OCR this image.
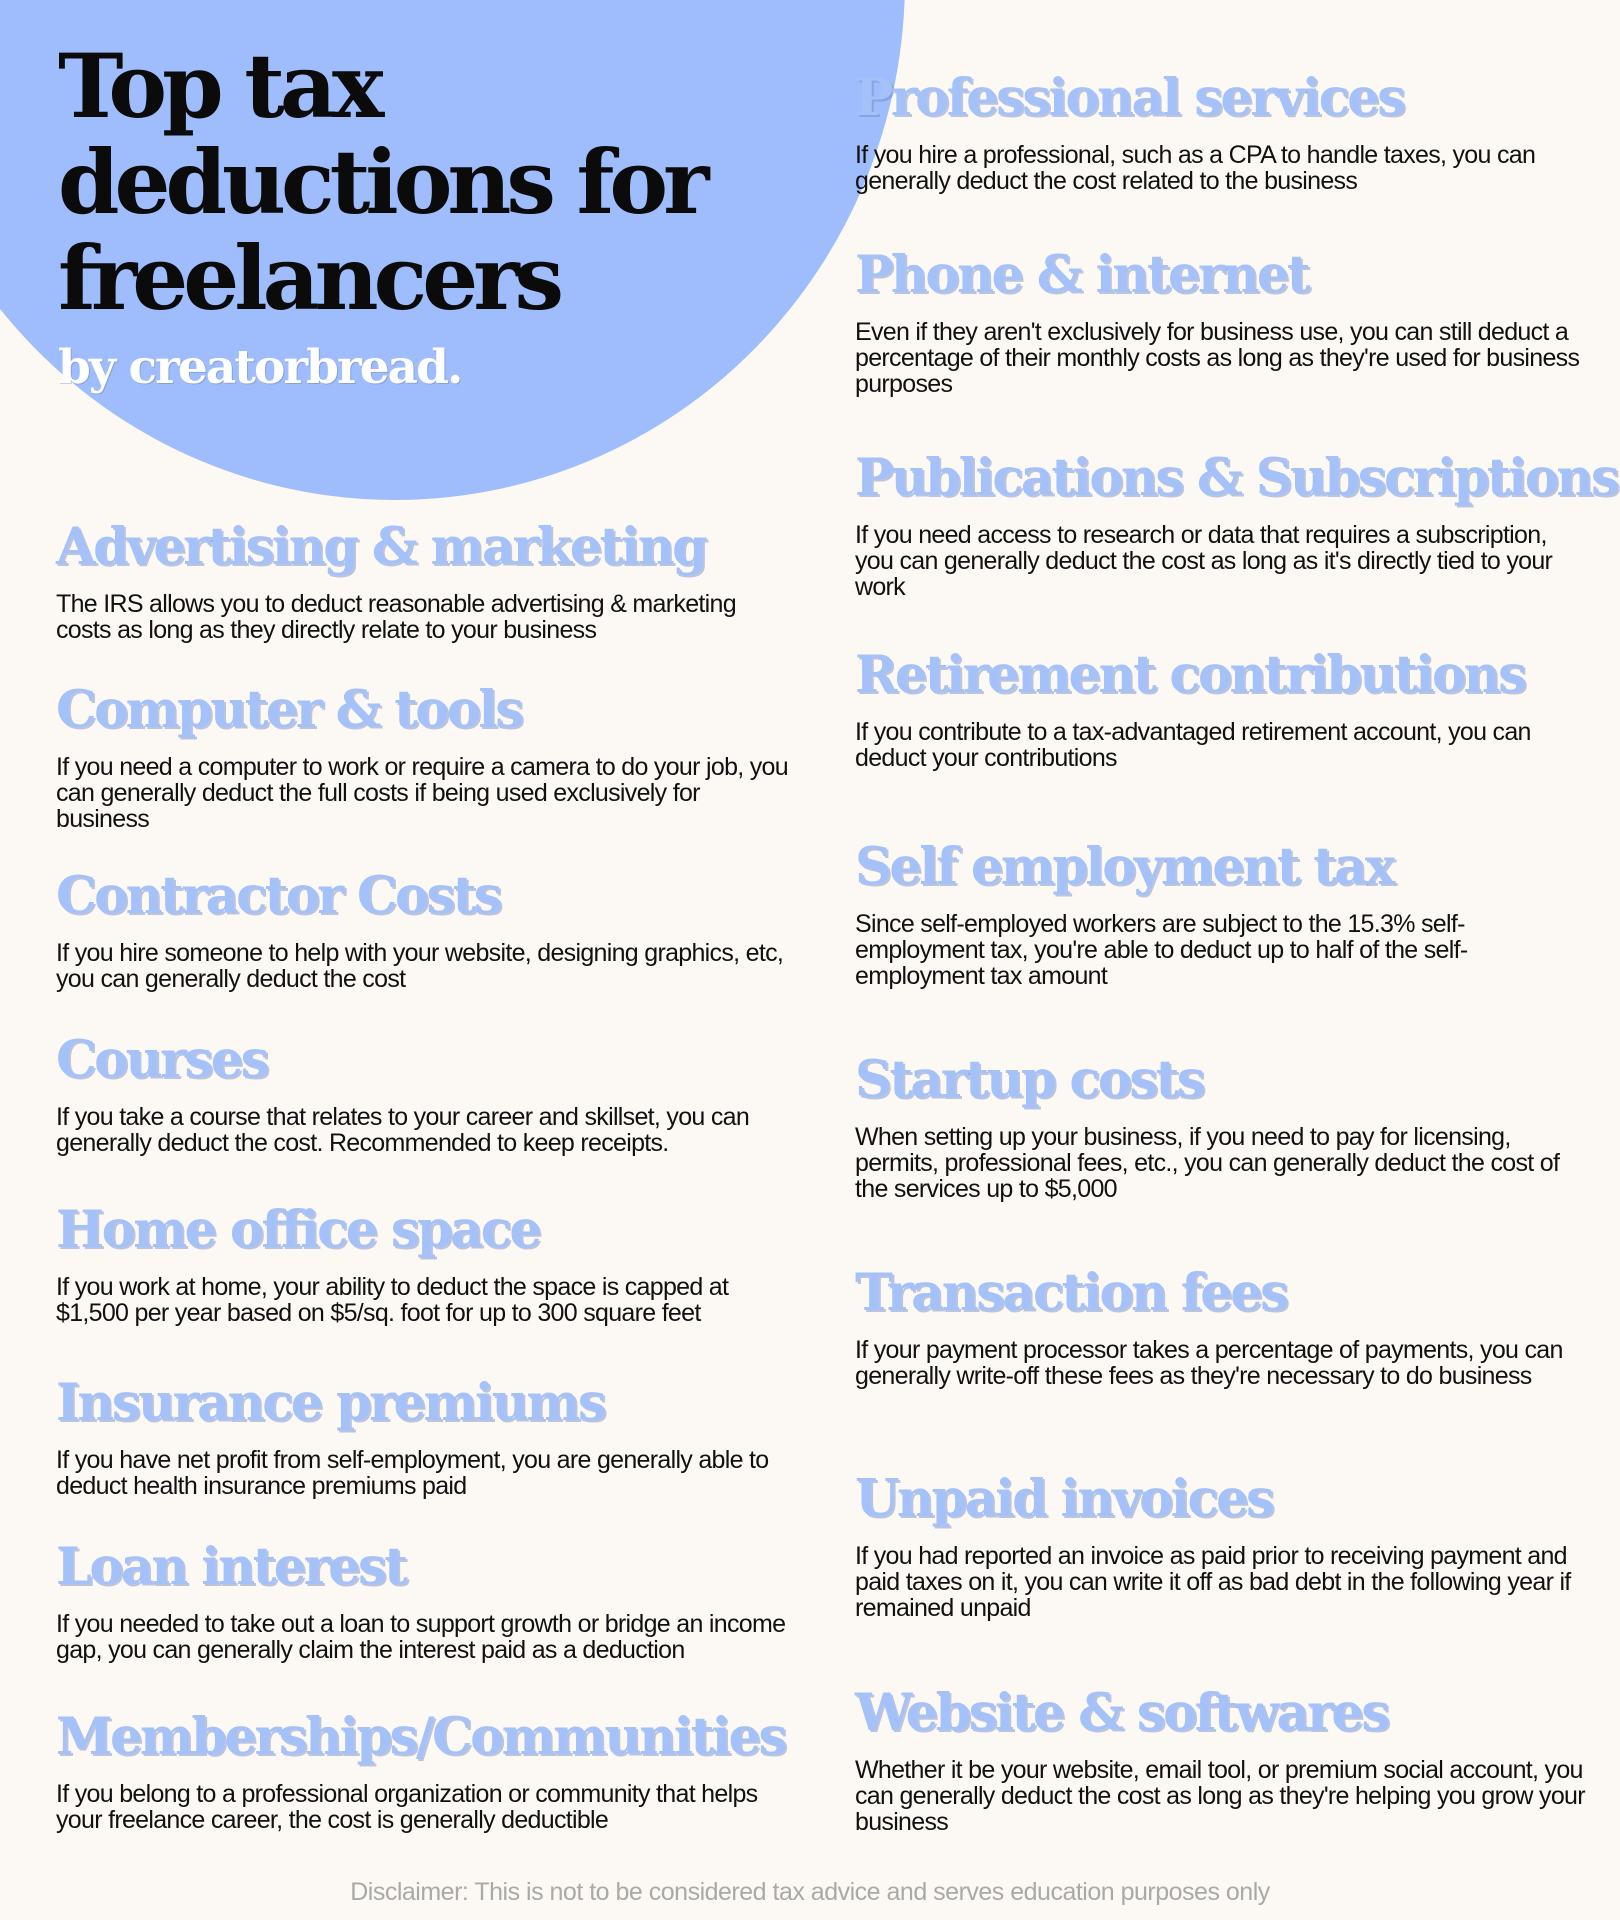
Top tax
deductions for
freelancers
by creatorbread.
Advertising & marketing

The IRS allows you to deduct reasonable advertising & marketing costs as long as they directly relate to your business

Computer & tools

If you need a computer to work or require a camera to do your job, you can generally deduct the full costs if being used exclusively for business

Contractor Costs

If you hire someone to help with your website, designing graphics, etc, you can generally deduct the cost

Courses

If you take a course that relates to your career and skillset, you can generally deduct the cost. Recommended to keep receipts.

Home office space

If you work at home, your ability to deduct the space is capped at $1,500 per year based on $5/sq. foot for up to 300 square feet

Insurance premiums

If you have net profit from self-employment, you are generally able to deduct health insurance premiums paid

Loan interest

If you needed to take out a loan to support growth or bridge an income gap, you can generally claim the interest paid as a deduction

Memberships/Communities

If you belong to a professional organization or community that helps your freelance career, the cost is generally deductible

Professional services

If you hire a professional, such as a CPA to handle taxes, you can generally deduct the cost related to the business

Phone & internet

Even if they aren't exclusively for business use, you can still deduct a percentage of their monthly costs as long as they're used for business purposes

Publications & Subscriptions

If you need access to research or data that requires a subscription, you can generally deduct the cost as long as it's directly tied to your work

Retirement contributions

If you contribute to a tax-advantaged retirement account, you can deduct your contributions

Self employment tax

Since self-employed workers are subject to the 15.3% self-employment tax, you're able to deduct up to half of the self-employment tax amount

Startup costs

When setting up your business, if you need to pay for licensing, permits, professional fees, etc., you can generally deduct the cost of the services up to $5,000

Transaction fees

If your payment processor takes a percentage of payments, you can generally write-off these fees as they're necessary to do business

Unpaid invoices

If you had reported an invoice as paid prior to receiving payment and paid taxes on it, you can write it off as bad debt in the following year if remained unpaid

Website & softwares

Whether it be your website, email tool, or premium social account, you can generally deduct the cost as long as they're helping you grow your business

Disclaimer: This is not to be considered tax advice and serves education purposes only
